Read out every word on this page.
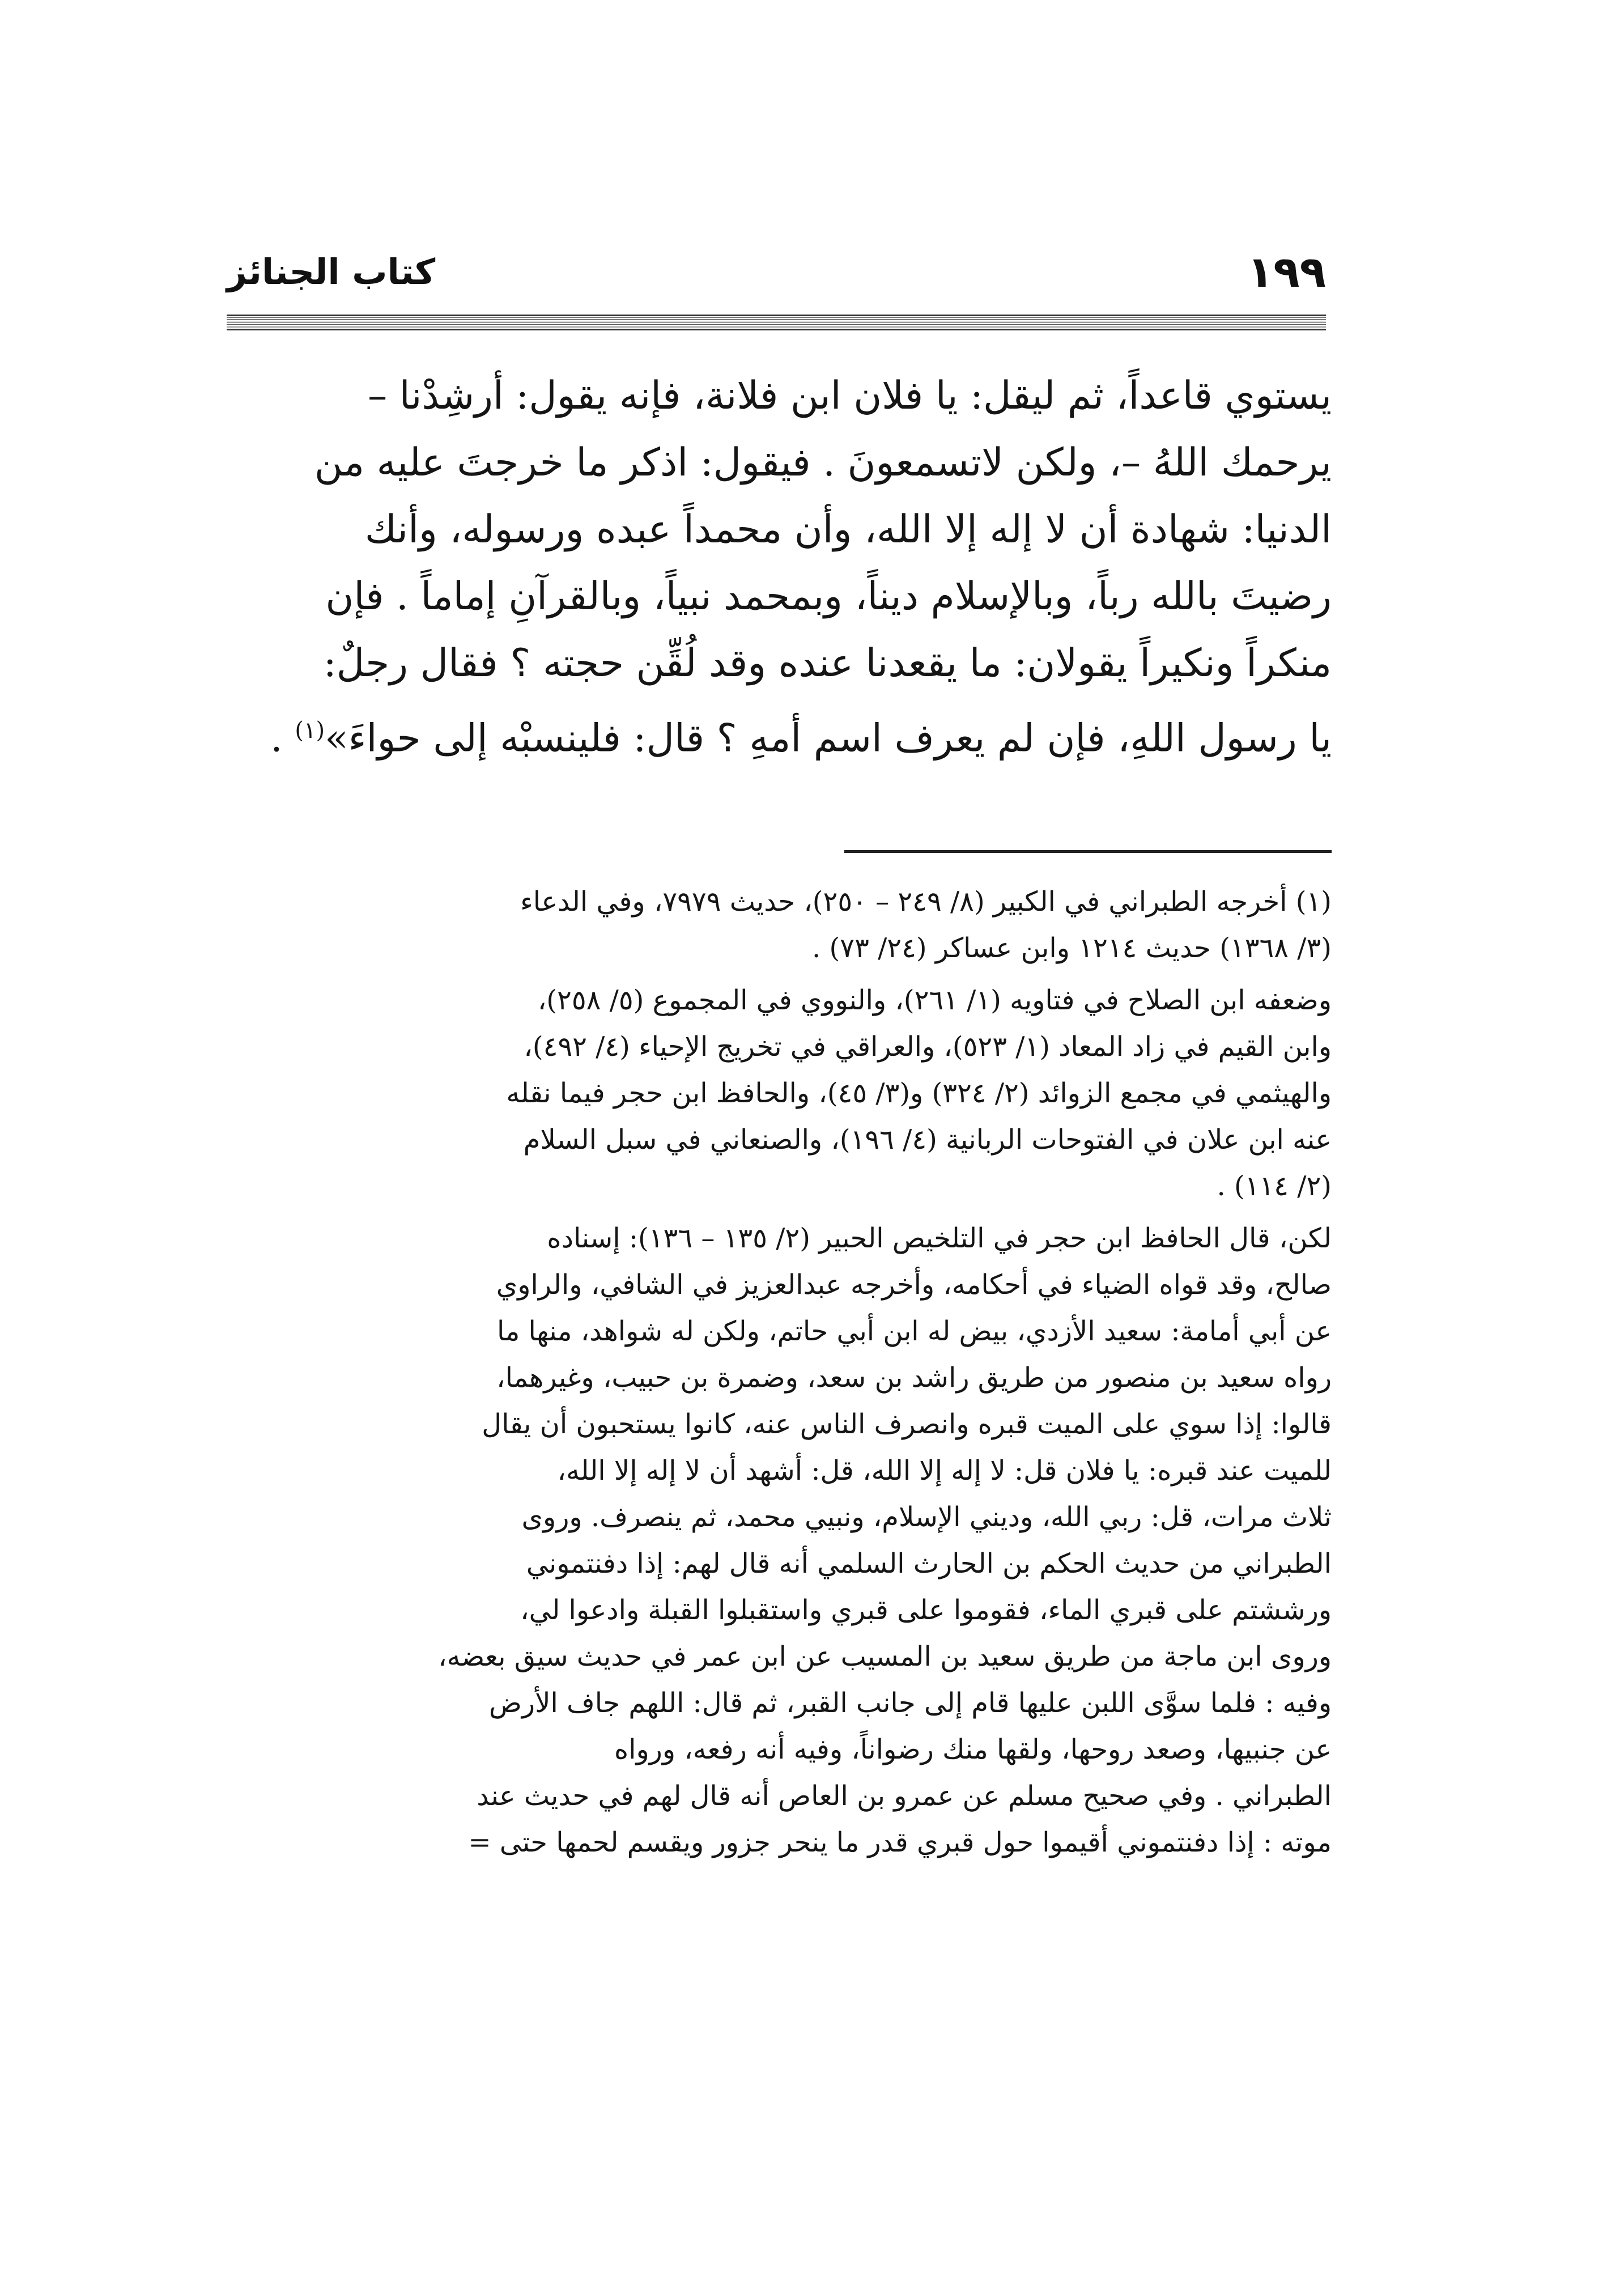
١٩٩
كتاب الجنائز
يستوي قاعداً، ثم ليقل: يا فلان ابن فلانة، فإنه يقول: أرشِدْنا –
يرحمك اللهُ –، ولكن لاتسمعونَ . فيقول: اذكر ما خرجتَ عليه من
الدنيا: شهادة أن لا إله إلا الله، وأن محمداً عبده ورسوله، وأنك
رضيتَ بالله رباً، وبالإسلام ديناً، وبمحمد نبياً، وبالقرآنِ إماماً . فإن
منكراً ونكيراً يقولان: ما يقعدنا عنده وقد لُقِّن حجته ؟ فقال رجلٌ:
يا رسول اللهِ، فإن لم يعرف اسم أمهِ ؟ قال: فلينسبْه إلى حواءَ»$^{(١)}$ .
(١) أخرجه الطبراني في الكبير (٨/ ٢٤٩ – ٢٥٠)، حديث ٧٩٧٩، وفي الدعاء
(٣/ ١٣٦٨) حديث ١٢١٤ وابن عساكر (٢٤/ ٧٣) .
وضعفه ابن الصلاح في فتاويه (١/ ٢٦١)، والنووي في المجموع (٥/ ٢٥٨)،
وابن القيم في زاد المعاد (١/ ٥٢٣)، والعراقي في تخريج الإحياء (٤/ ٤٩٢)،
والهيثمي في مجمع الزوائد (٢/ ٣٢٤) و(٣/ ٤٥)، والحافظ ابن حجر فيما نقله
عنه ابن علان في الفتوحات الربانية (٤/ ١٩٦)، والصنعاني في سبل السلام
(٢/ ١١٤) .
لكن، قال الحافظ ابن حجر في التلخيص الحبير (٢/ ١٣٥ – ١٣٦): إسناده
صالح، وقد قواه الضياء في أحكامه، وأخرجه عبدالعزيز في الشافي، والراوي
عن أبي أمامة: سعيد الأزدي، بيض له ابن أبي حاتم، ولكن له شواهد، منها ما
رواه سعيد بن منصور من طريق راشد بن سعد، وضمرة بن حبيب، وغيرهما،
قالوا: إذا سوي على الميت قبره وانصرف الناس عنه، كانوا يستحبون أن يقال
للميت عند قبره: يا فلان قل: لا إله إلا الله، قل: أشهد أن لا إله إلا الله،
ثلاث مرات، قل: ربي الله، وديني الإسلام، ونبيي محمد، ثم ينصرف. وروى
الطبراني من حديث الحكم بن الحارث السلمي أنه قال لهم: إذا دفنتموني
ورششتم على قبري الماء، فقوموا على قبري واستقبلوا القبلة وادعوا لي،
وروى ابن ماجة من طريق سعيد بن المسيب عن ابن عمر في حديث سيق بعضه،
وفيه : فلما سوَّى اللبن عليها قام إلى جانب القبر، ثم قال: اللهم جاف الأرض
عن جنبيها، وصعد روحها، ولقها منك رضواناً، وفيه أنه رفعه، ورواه
الطبراني . وفي صحيح مسلم عن عمرو بن العاص أنه قال لهم في حديث عند
موته : إذا دفنتموني أقيموا حول قبري قدر ما ينحر جزور ويقسم لحمها حتى =
